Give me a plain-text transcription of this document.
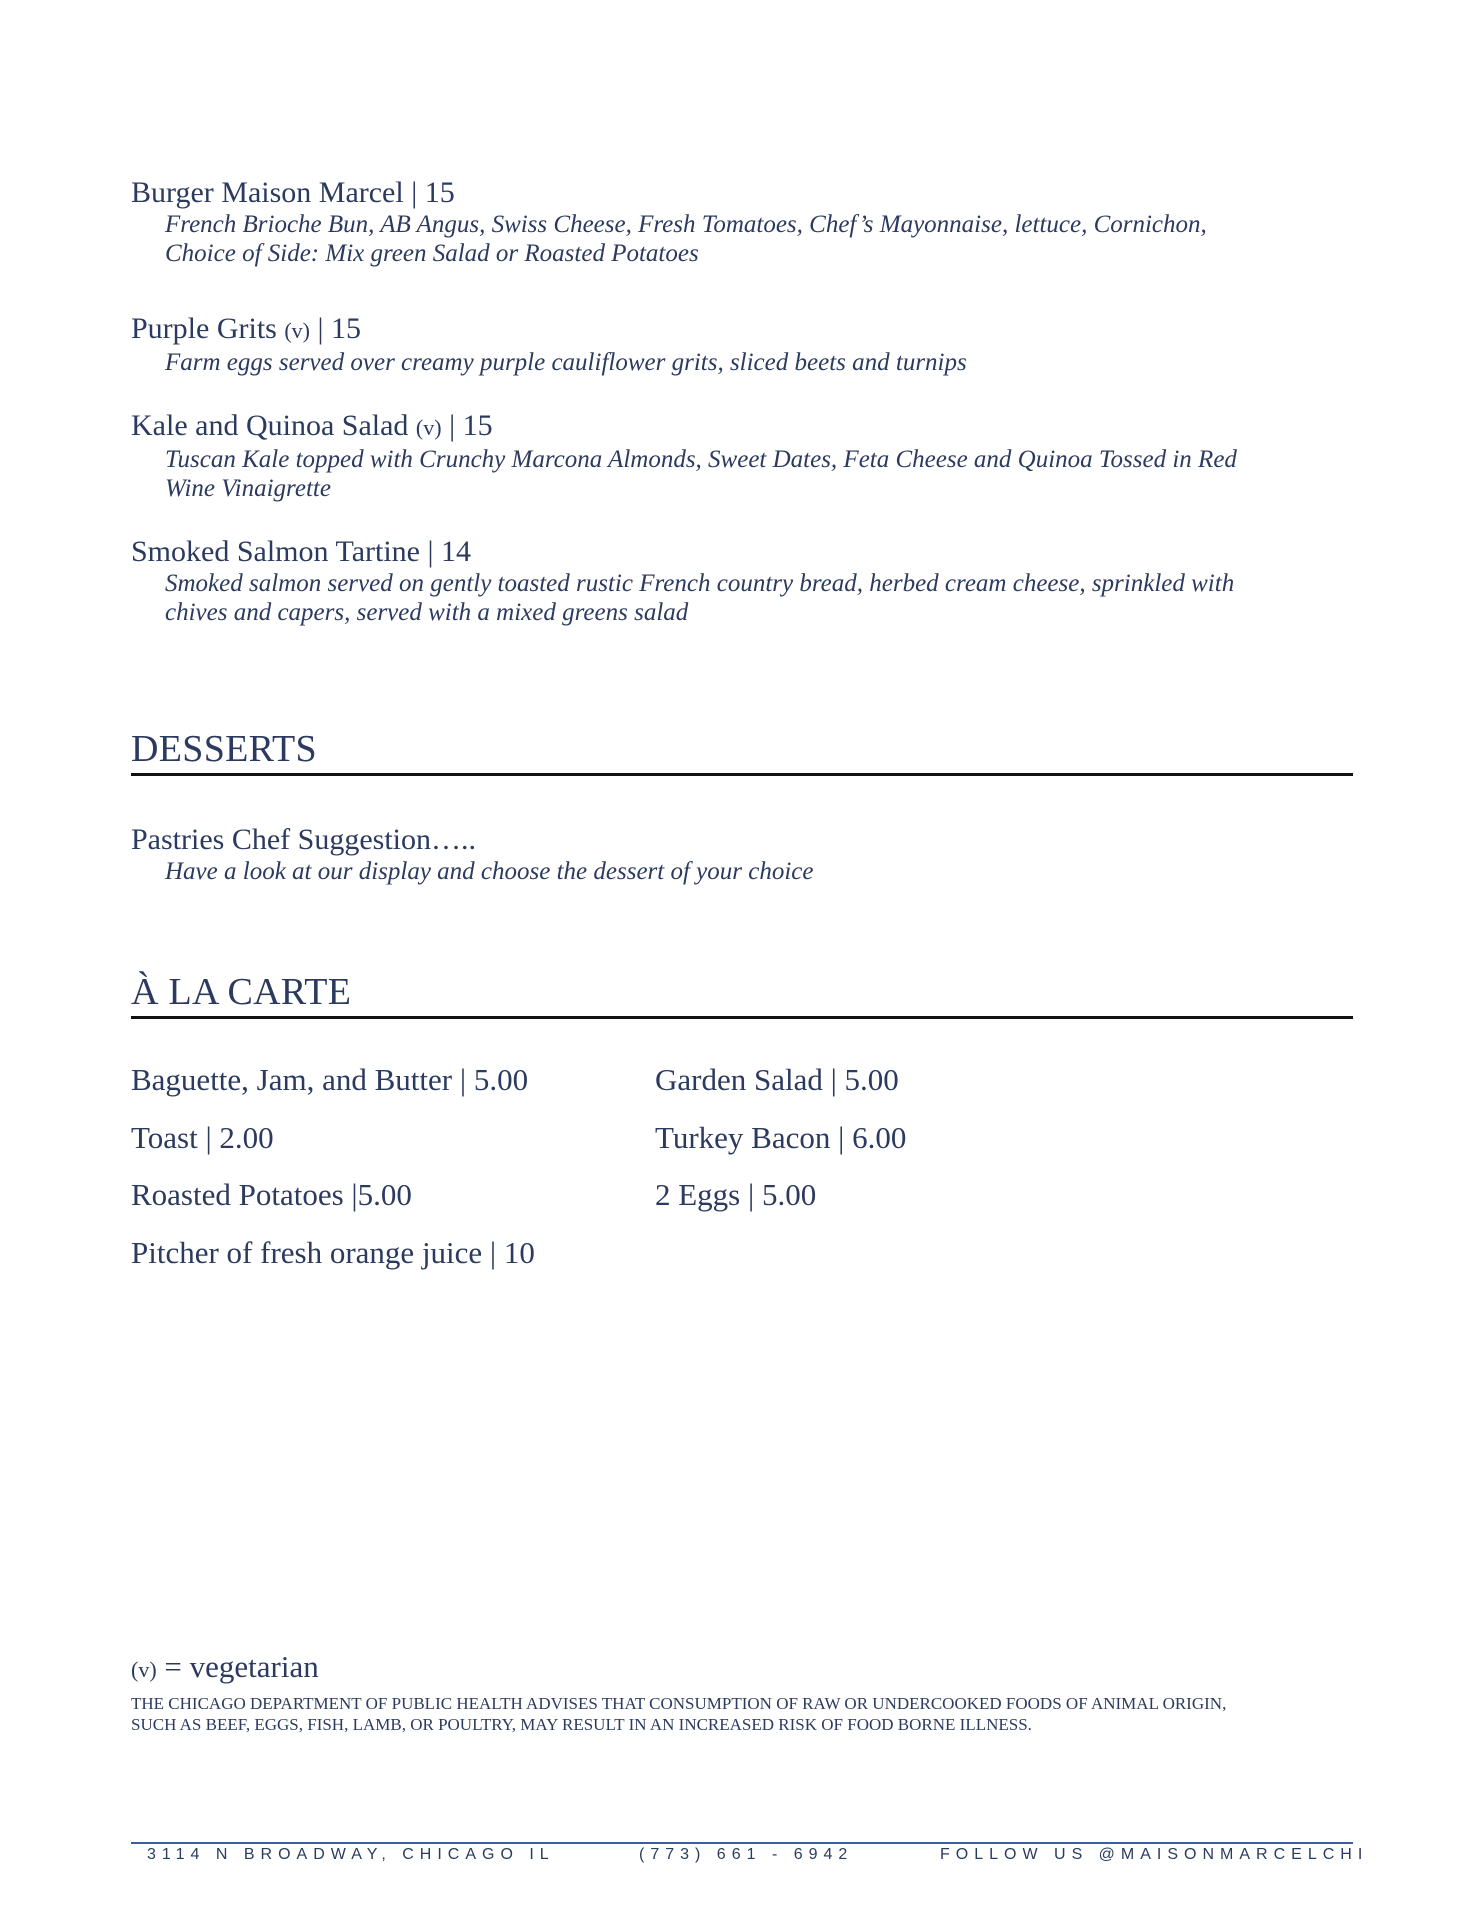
Burger Maison Marcel | 15
French Brioche Bun, AB Angus, Swiss Cheese, Fresh Tomatoes, Chef’s Mayonnaise, lettuce, Cornichon,
Choice of Side: Mix green Salad or Roasted Potatoes
Purple Grits (v) | 15
Farm eggs served over creamy purple cauliflower grits, sliced beets and turnips
Kale and Quinoa Salad (v) | 15
Tuscan Kale topped with Crunchy Marcona Almonds, Sweet Dates, Feta Cheese and Quinoa Tossed in Red
Wine Vinaigrette
Smoked Salmon Tartine | 14
Smoked salmon served on gently toasted rustic French country bread, herbed cream cheese, sprinkled with
chives and capers, served with a mixed greens salad
DESSERTS
Pastries Chef Suggestion…..
Have a look at our display and choose the dessert of your choice
À LA CARTE
Baguette, Jam, and Butter | 5.00
Toast | 2.00
Roasted Potatoes |5.00
Pitcher of fresh orange juice | 10
Garden Salad | 5.00
Turkey Bacon | 6.00
2 Eggs | 5.00
(v) = vegetarian
THE CHICAGO DEPARTMENT OF PUBLIC HEALTH ADVISES THAT CONSUMPTION OF RAW OR UNDERCOOKED FOODS OF ANIMAL ORIGIN,
SUCH AS BEEF, EGGS, FISH, LAMB, OR POULTRY, MAY RESULT IN AN INCREASED RISK OF FOOD BORNE ILLNESS.
3114 N BROADWAY, CHICAGO IL	(773) 661 - 6942	FOLLOW US @MAISONMARCELCHI
